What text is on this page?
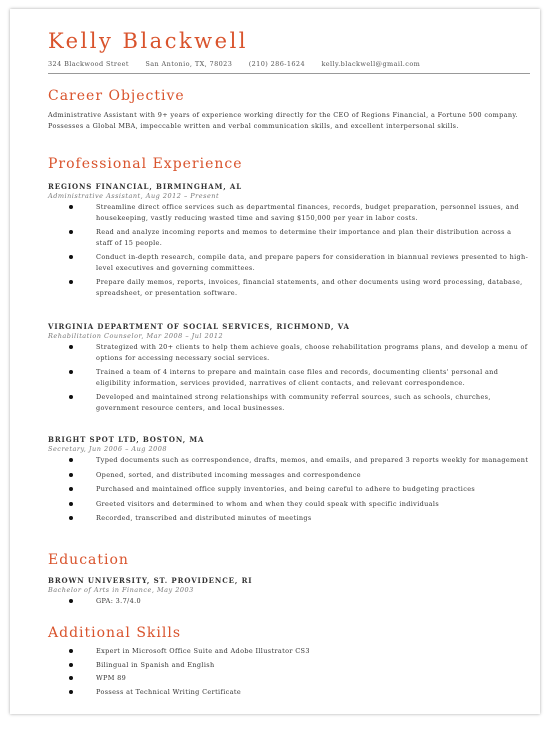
Kelly Blackwell
324 Blackwood Street	San Antonio, TX, 78023	(210) 286-1624	kelly.blackwell@gmail.com
Career Objective
Administrative Assistant with 9+ years of experience working directly for the CEO of Regions Financial, a Fortune 500 company. Possesses a Global MBA, impeccable written and verbal communication skills, and excellent interpersonal skills.
Professional Experience
REGIONS FINANCIAL, BIRMINGHAM, AL
Administrative Assistant, Aug 2012 – Present
Streamline direct office services such as departmental finances, records, budget preparation, personnel issues, and housekeeping, vastly reducing wasted time and saving $150,000 per year in labor costs.
Read and analyze incoming reports and memos to determine their importance and plan their distribution across a staff of 15 people.
Conduct in-depth research, compile data, and prepare papers for consideration in biannual reviews presented to high-level executives and governing committees.
Prepare daily memos, reports, invoices, financial statements, and other documents using word processing, database, spreadsheet, or presentation software.
VIRGINIA DEPARTMENT OF SOCIAL SERVICES, RICHMOND, VA
Rehabilitation Counselor, Mar 2008 – Jul 2012
Strategized with 20+ clients to help them achieve goals, choose rehabilitation programs plans, and develop a menu of options for accessing necessary social services.
Trained a team of 4 interns to prepare and maintain case files and records, documenting clients' personal and eligibility information, services provided, narratives of client contacts, and relevant correspondence.
Developed and maintained strong relationships with community referral sources, such as schools, churches, government resource centers, and local businesses.
BRIGHT SPOT LTD, BOSTON, MA
Secretary, Jun 2006 – Aug 2008
Typed documents such as correspondence, drafts, memos, and emails, and prepared 3 reports weekly for management
Opened, sorted, and distributed incoming messages and correspondence
Purchased and maintained office supply inventories, and being careful to adhere to budgeting practices
Greeted visitors and determined to whom and when they could speak with specific individuals
Recorded, transcribed and distributed minutes of meetings
Education
BROWN UNIVERSITY, ST. PROVIDENCE, RI
Bachelor of Arts in Finance, May 2003
GPA: 3.7/4.0
Additional Skills
Expert in Microsoft Office Suite and Adobe Illustrator CS3
Bilingual in Spanish and English
WPM 89
Possess at Technical Writing Certificate
